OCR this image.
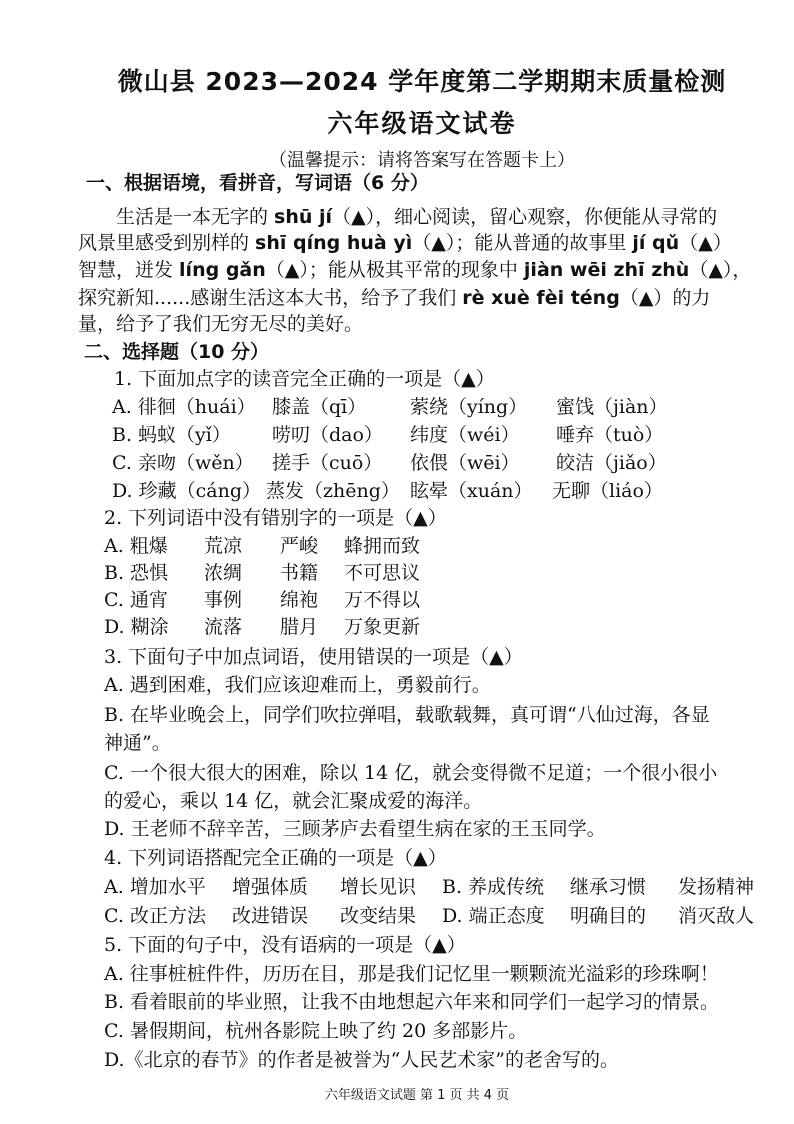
微山县 2023—2024 学年度第二学期期末质量检测
六年级语文试卷
（温馨提示：请将答案写在答题卡上）
一、根据语境，看拼音，写词语（6 分）
　　生活是一本无字的 shū jí（▲），细心阅读，留心观察，你便能从寻常的
风景里感受到别样的 shī qíng huà yì（▲）；能从普通的故事里 jí qǔ（▲）
智慧，迸发 líng gǎn（▲）；能从极其平常的现象中 jiàn wēi zhī zhù（▲），
探究新知......感谢生活这本大书，给予了我们 rè xuè fèi téng（▲）的力
量，给予了我们无穷无尽的美好。
二、选择题（10 分）
1. 下面加点字的读音完全正确的一项是（▲）
A. 徘徊（huái） 膝盖（qī） 萦绕（yíng） 蜜饯（jiàn）
B. 蚂蚁（yǐ） 唠叨（dao） 纬度（wéi） 唾弃（tuò）
C. 亲吻（wěn） 搓手（cuō） 依偎（wēi） 皎洁（jiǎo）
D. 珍藏（cáng） 蒸发（zhēng） 眩晕（xuán） 无聊（liáo）
2. 下列词语中没有错别字的一项是（▲）
A. 粗爆 荒凉 严峻 蜂拥而致
B. 恐惧 浓绸 书籍 不可思议
C. 通宵 事例 绵袍 万不得以
D. 糊涂 流落 腊月 万象更新
3. 下面句子中加点词语，使用错误的一项是（▲）
A. 遇到困难，我们应该迎难而上，勇毅前行。
B. 在毕业晚会上，同学们吹拉弹唱，载歌载舞，真可谓“八仙过海，各显
神通”。
C. 一个很大很大的困难，除以 14 亿，就会变得微不足道；一个很小很小
的爱心，乘以 14 亿，就会汇聚成爱的海洋。
D. 王老师不辞辛苦，三顾茅庐去看望生病在家的王玉同学。
4. 下列词语搭配完全正确的一项是（▲）
A. 增加水平 增强体质 增长见识 B. 养成传统 继承习惯 发扬精神
C. 改正方法 改进错误 改变结果 D. 端正态度 明确目的 消灭敌人
5. 下面的句子中，没有语病的一项是（▲）
A. 往事桩桩件件，历历在目，那是我们记忆里一颗颗流光溢彩的珍珠啊！
B. 看着眼前的毕业照，让我不由地想起六年来和同学们一起学习的情景。
C. 暑假期间，杭州各影院上映了约 20 多部影片。
D.《北京的春节》的作者是被誉为“人民艺术家”的老舍写的。
六年级语文试题 第 1 页 共 4 页
